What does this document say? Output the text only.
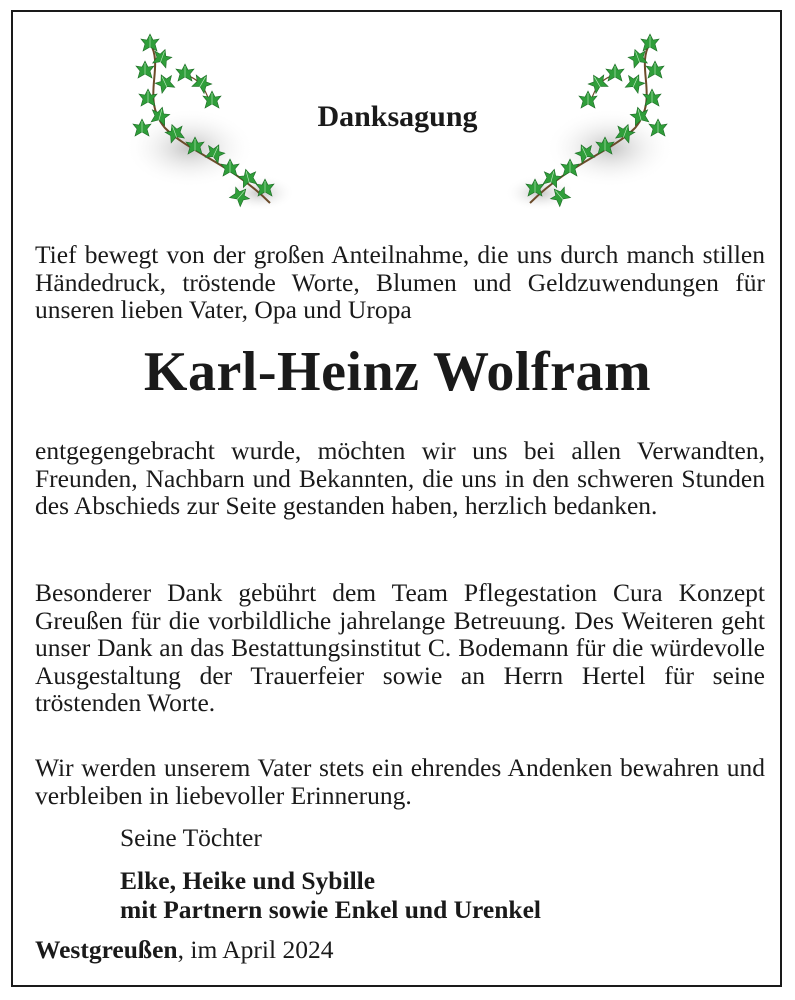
Danksagung

Tief bewegt von der großen Anteilnahme, die uns durch manch stillen Händedruck, tröstende Worte, Blumen und Geldzuwendungen für unseren lieben Vater, Opa und Uropa

Karl-Heinz Wolfram

entgegengebracht wurde, möchten wir uns bei allen Verwandten, Freunden, Nachbarn und Bekannten, die uns in den schweren Stunden des Abschieds zur Seite gestanden haben, herzlich bedanken.

Besonderer Dank gebührt dem Team Pflegestation Cura Konzept Greußen für die vorbildliche jahrelange Betreuung. Des Weiteren geht unser Dank an das Bestattungsinstitut C. Bodemann für die würdevolle Ausgestaltung der Trauerfeier sowie an Herrn Hertel für seine tröstenden Worte.

Wir werden unserem Vater stets ein ehrendes Andenken bewahren und verbleiben in liebevoller Erinnerung.

Seine Töchter

Elke, Heike und Sybille
mit Partnern sowie Enkel und Urenkel
Westgreußen, im April 2024
